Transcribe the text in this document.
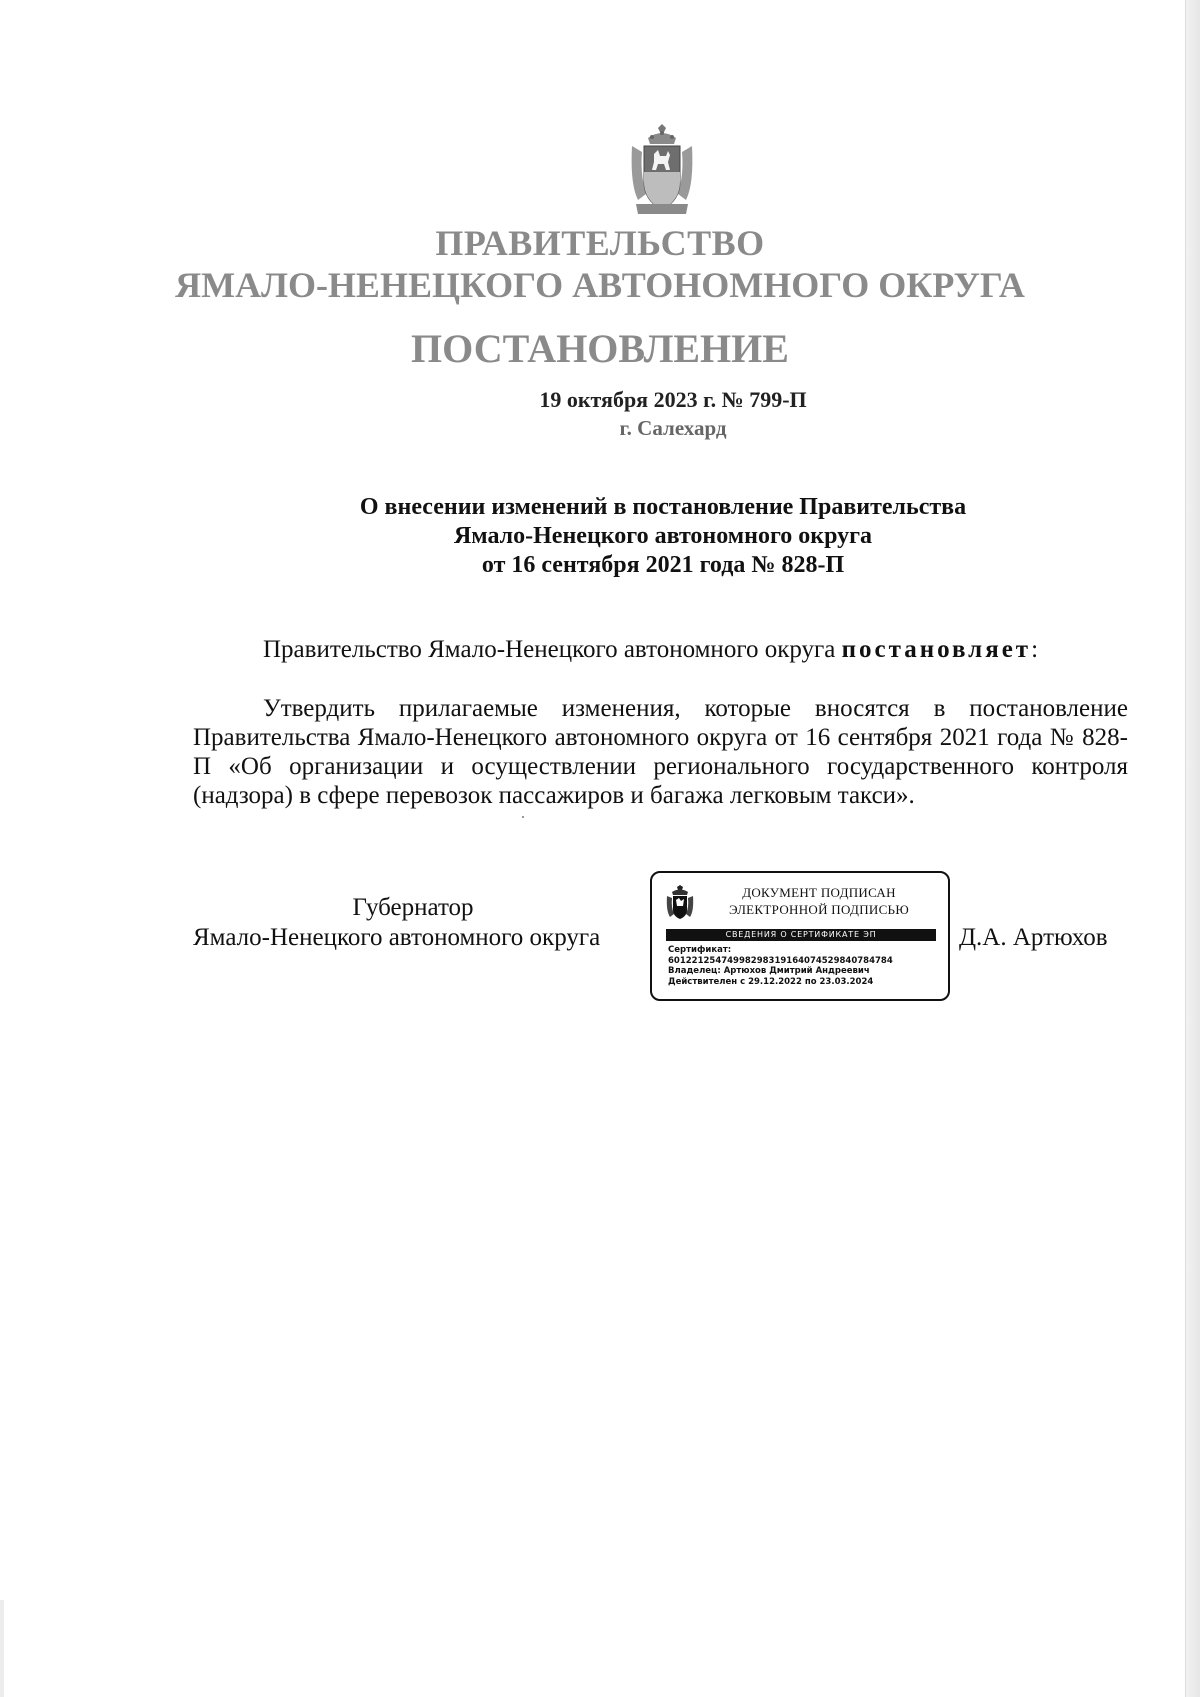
ПРАВИТЕЛЬСТВО
ЯМАЛО-НЕНЕЦКОГО АВТОНОМНОГО ОКРУГА
ПОСТАНОВЛЕНИЕ
19 октября 2023 г. № 799-П
г. Салехард
О внесении изменений в постановление Правительства
Ямало-Ненецкого автономного округа
от 16 сентября 2021 года № 828-П
Правительство Ямало-Ненецкого автономного округа постановляет:
Утвердить прилагаемые изменения, которые вносятся в постановление Правительства Ямало-Ненецкого автономного округа от 16 сентября 2021 года № 828-П «Об организации и осуществлении регионального государственного контроля (надзора) в сфере перевозок пассажиров и багажа легковым такси».
Губернатор
Ямало-Ненецкого автономного округа	Д.А. Артюхов
ДОКУМЕНТ ПОДПИСАН
ЭЛЕКТРОННОЙ ПОДПИСЬЮ
СВЕДЕНИЯ О СЕРТИФИКАТЕ ЭП
Сертификат:
60122125474998298319164074529840784784
Владелец: Артюхов Дмитрий Андреевич
Действителен с 29.12.2022 по 23.03.2024
